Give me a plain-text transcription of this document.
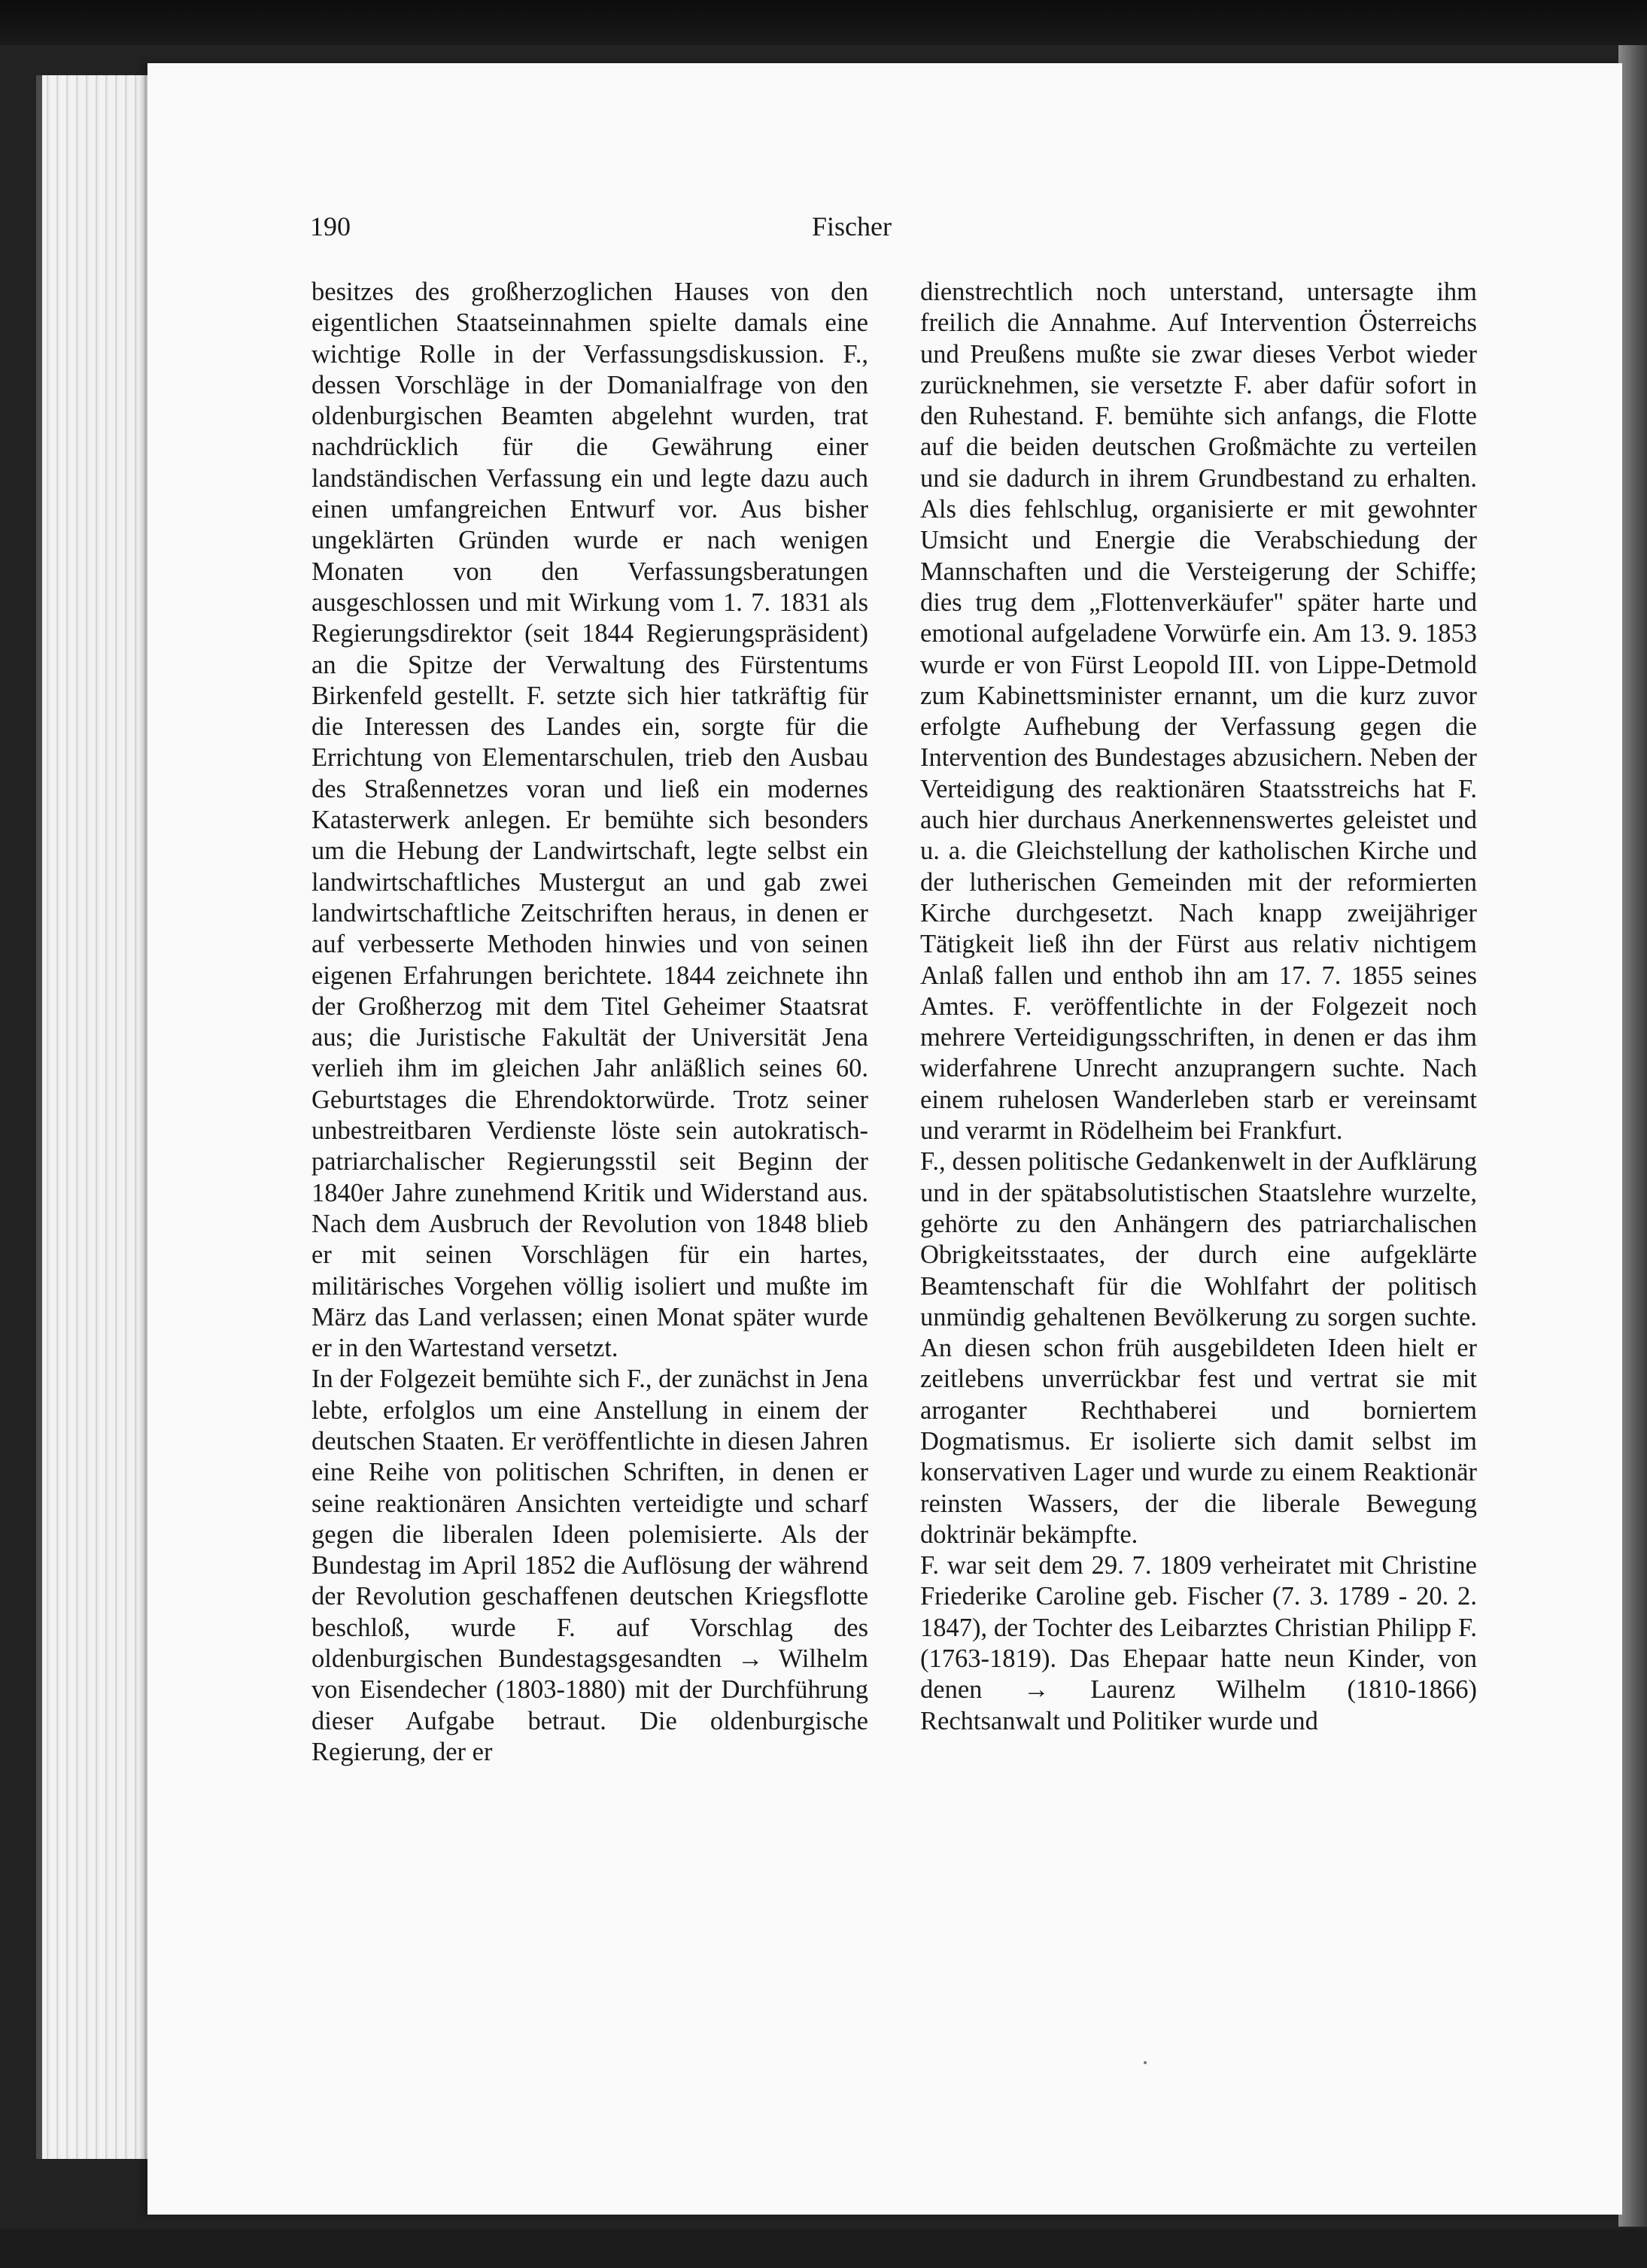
190	Fischer

besitzes des großherzoglichen Hauses von den eigentlichen Staatseinnahmen spielte damals eine wichtige Rolle in der Verfassungsdiskussion. F., dessen Vorschläge in der Domanialfrage von den oldenburgischen Beamten abgelehnt wurden, trat nachdrücklich für die Gewährung einer landständischen Verfassung ein und legte dazu auch einen umfangreichen Entwurf vor. Aus bisher ungeklärten Gründen wurde er nach wenigen Monaten von den Verfassungsberatungen ausgeschlossen und mit Wirkung vom 1. 7. 1831 als Regierungsdirektor (seit 1844 Regierungspräsident) an die Spitze der Verwaltung des Fürstentums Birkenfeld gestellt. F. setzte sich hier tatkräftig für die Interessen des Landes ein, sorgte für die Errichtung von Elementarschulen, trieb den Ausbau des Straßennetzes voran und ließ ein modernes Katasterwerk anlegen. Er bemühte sich besonders um die Hebung der Landwirtschaft, legte selbst ein landwirtschaftliches Mustergut an und gab zwei landwirtschaftliche Zeitschriften heraus, in denen er auf verbesserte Methoden hinwies und von seinen eigenen Erfahrungen berichtete. 1844 zeichnete ihn der Großherzog mit dem Titel Geheimer Staatsrat aus; die Juristische Fakultät der Universität Jena verlieh ihm im gleichen Jahr anläßlich seines 60. Geburtstages die Ehrendoktorwürde. Trotz seiner unbestreitbaren Verdienste löste sein autokratisch-patriarchalischer Regierungsstil seit Beginn der 1840er Jahre zunehmend Kritik und Widerstand aus. Nach dem Ausbruch der Revolution von 1848 blieb er mit seinen Vorschlägen für ein hartes, militärisches Vorgehen völlig isoliert und mußte im März das Land verlassen; einen Monat später wurde er in den Wartestand versetzt.

In der Folgezeit bemühte sich F., der zunächst in Jena lebte, erfolglos um eine Anstellung in einem der deutschen Staaten. Er veröffentlichte in diesen Jahren eine Reihe von politischen Schriften, in denen er seine reaktionären Ansichten verteidigte und scharf gegen die liberalen Ideen polemisierte. Als der Bundestag im April 1852 die Auflösung der während der Revolution geschaffenen deutschen Kriegsflotte beschloß, wurde F. auf Vorschlag des oldenburgischen Bundestagsgesandten → Wilhelm von Eisendecher (1803-1880) mit der Durchführung dieser Aufgabe betraut. Die oldenburgische Regierung, der er

dienstrechtlich noch unterstand, untersagte ihm freilich die Annahme. Auf Intervention Österreichs und Preußens mußte sie zwar dieses Verbot wieder zurücknehmen, sie versetzte F. aber dafür sofort in den Ruhestand. F. bemühte sich anfangs, die Flotte auf die beiden deutschen Großmächte zu verteilen und sie dadurch in ihrem Grundbestand zu erhalten. Als dies fehlschlug, organisierte er mit gewohnter Umsicht und Energie die Verabschiedung der Mannschaften und die Versteigerung der Schiffe; dies trug dem „Flottenverkäufer" später harte und emotional aufgeladene Vorwürfe ein. Am 13. 9. 1853 wurde er von Fürst Leopold III. von Lippe-Detmold zum Kabinettsminister ernannt, um die kurz zuvor erfolgte Aufhebung der Verfassung gegen die Intervention des Bundestages abzusichern. Neben der Verteidigung des reaktionären Staatsstreichs hat F. auch hier durchaus Anerkennenswertes geleistet und u. a. die Gleichstellung der katholischen Kirche und der lutherischen Gemeinden mit der reformierten Kirche durchgesetzt. Nach knapp zweijähriger Tätigkeit ließ ihn der Fürst aus relativ nichtigem Anlaß fallen und enthob ihn am 17. 7. 1855 seines Amtes. F. veröffentlichte in der Folgezeit noch mehrere Verteidigungsschriften, in denen er das ihm widerfahrene Unrecht anzuprangern suchte. Nach einem ruhelosen Wanderleben starb er vereinsamt und verarmt in Rödelheim bei Frankfurt.

F., dessen politische Gedankenwelt in der Aufklärung und in der spätabsolutistischen Staatslehre wurzelte, gehörte zu den Anhängern des patriarchalischen Obrigkeitsstaates, der durch eine aufgeklärte Beamtenschaft für die Wohlfahrt der politisch unmündig gehaltenen Bevölkerung zu sorgen suchte. An diesen schon früh ausgebildeten Ideen hielt er zeitlebens unverrückbar fest und vertrat sie mit arroganter Rechthaberei und borniertem Dogmatismus. Er isolierte sich damit selbst im konservativen Lager und wurde zu einem Reaktionär reinsten Wassers, der die liberale Bewegung doktrinär bekämpfte.

F. war seit dem 29. 7. 1809 verheiratet mit Christine Friederike Caroline geb. Fischer (7. 3. 1789 - 20. 2. 1847), der Tochter des Leibarztes Christian Philipp F. (1763-1819). Das Ehepaar hatte neun Kinder, von denen → Laurenz Wilhelm (1810-1866) Rechtsanwalt und Politiker wurde und
